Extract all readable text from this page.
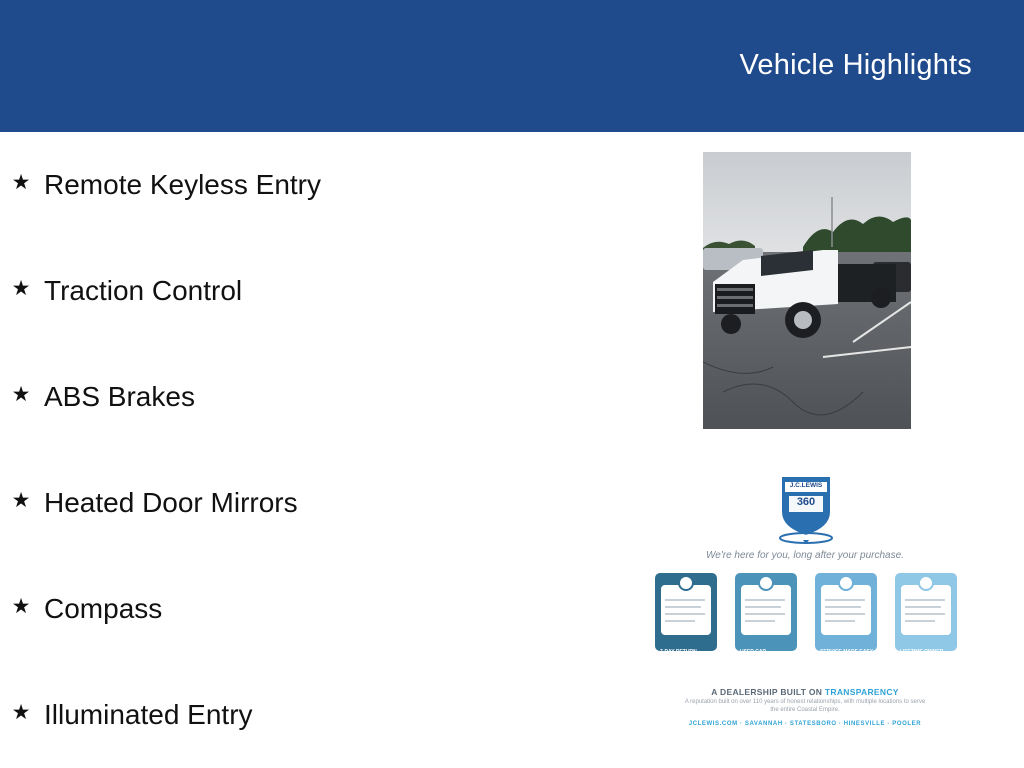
Vehicle Highlights
★ Remote Keyless Entry
★ Traction Control
★ ABS Brakes
★ Heated Door Mirrors
★ Compass
★ Illuminated Entry
J.C.LEWIS
360
We're here for you, long after your purchase.
7-DAY RETURN POLICY
USED CAR WARRANTY
SERVICE MADE EASY	LIFETIME OWNER VEHICLE
A DEALERSHIP BUILT ON TRANSPARENCY
A reputation built on over 110 years of honest relationships, with multiple locations to serve the entire Coastal Empire.
JCLEWIS.COM · SAVANNAH · STATESBORO · HINESVILLE · POOLER
